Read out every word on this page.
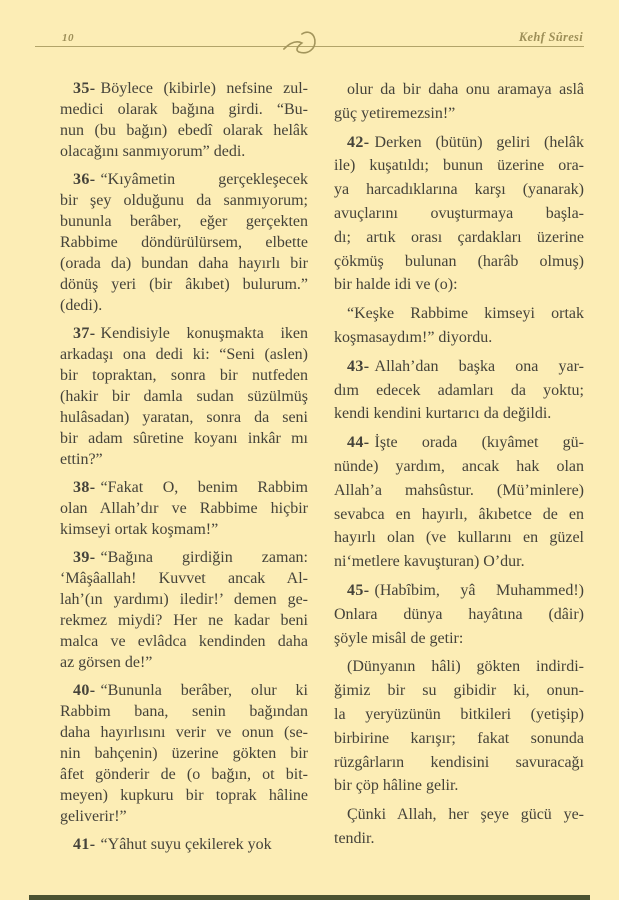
10	Kehf Sûresi
35- Böylece (kibirle) nefsine zul-
medici olarak bağına girdi. “Bu-
nun (bu bağın) ebedî olarak helâk
olacağını sanmıyorum” dedi.
36- “Kıyâmetin gerçekleşecek
bir şey olduğunu da sanmıyorum;
bununla berâber, eğer gerçekten
Rabbime döndürülürsem, elbette
(orada da) bundan daha hayırlı bir
dönüş yeri (bir âkıbet) bulurum.”
(dedi).
37- Kendisiyle konuşmakta iken
arkadaşı ona dedi ki: “Seni (aslen)
bir topraktan, sonra bir nutfeden
(hakir bir damla sudan süzülmüş
hulâsadan) yaratan, sonra da seni
bir adam sûretine koyanı inkâr mı
ettin?”
38- “Fakat O, benim Rabbim
olan Allah’dır ve Rabbime hiçbir
kimseyi ortak koşmam!”
39- “Bağına girdiğin zaman:
‘Mâşâallah! Kuvvet ancak Al-
lah’(ın yardımı) iledir!’ demen ge-
rekmez miydi? Her ne kadar beni
malca ve evlâdca kendinden daha
az görsen de!”
40- “Bununla berâber, olur ki
Rabbim bana, senin bağından
daha hayırlısını verir ve onun (se-
nin bahçenin) üzerine gökten bir
âfet gönderir de (o bağın, ot bit-
meyen) kupkuru bir toprak hâline
geliverir!”
41- “Yâhut suyu çekilerek yok
olur da bir daha onu aramaya aslâ
güç yetiremezsin!”
42- Derken (bütün) geliri (helâk
ile) kuşatıldı; bunun üzerine ora-
ya harcadıklarına karşı (yanarak)
avuçlarını ovuşturmaya başla-
dı; artık orası çardakları üzerine
çökmüş bulunan (harâb olmuş)
bir halde idi ve (o):
“Keşke Rabbime kimseyi ortak
koşmasaydım!” diyordu.
43- Allah’dan başka ona yar-
dım edecek adamları da yoktu;
kendi kendini kurtarıcı da değildi.
44- İşte orada (kıyâmet gü-
nünde) yardım, ancak hak olan
Allah’a mahsûstur. (Mü’minlere)
sevabca en hayırlı, âkıbetce de en
hayırlı olan (ve kullarını en güzel
ni‘metlere kavuşturan) O’dur.
45- (Habîbim, yâ Muhammed!)
Onlara dünya hayâtına (dâir)
şöyle misâl de getir:
(Dünyanın hâli) gökten indirdi-
ğimiz bir su gibidir ki, onun-
la yeryüzünün bitkileri (yetişip)
birbirine karışır; fakat sonunda
rüzgârların kendisini savuracağı
bir çöp hâline gelir.
Çünki Allah, her şeye gücü ye-
tendir.
